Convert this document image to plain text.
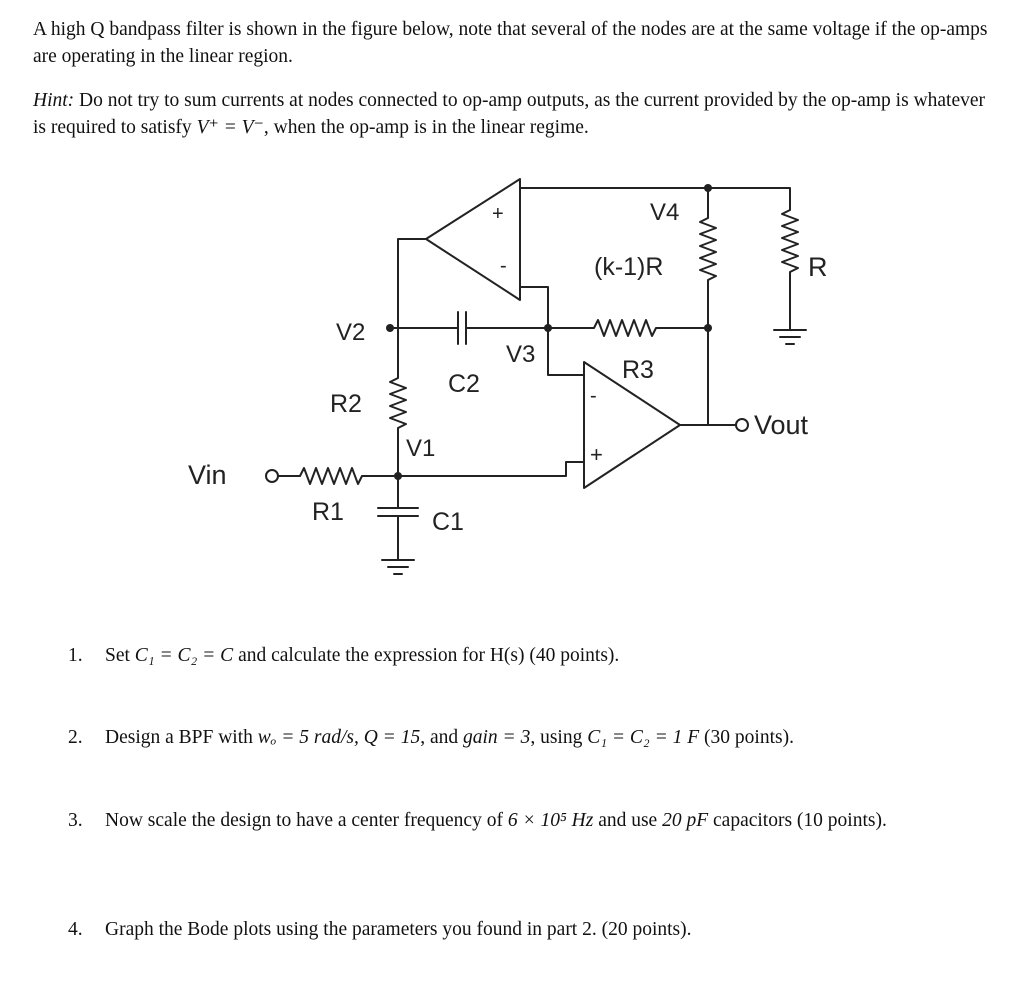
A high Q bandpass filter is shown in the figure below, note that several of the nodes are at the same voltage if the op-amps are operating in the linear region.

Hint: Do not try to sum currents at nodes connected to op-amp outputs, as the current provided by the op-amp is whatever is required to satisfy V⁺ = V⁻, when the op-amp is in the linear regime.

V4
(k-1)R	R
V2
V3
R3
R2
C2
Vout
V1
Vin
R1	C1
+
-
-
+
1. Set C₁ = C₂ = C and calculate the expression for H(s) (40 points).
2. Design a BPF with wₒ = 5 rad/s, Q = 15, and gain = 3, using C₁ = C₂ = 1 F (30 points).
3. Now scale the design to have a center frequency of 6 × 10⁵ Hz and use 20 pF capacitors (10 points).
4. Graph the Bode plots using the parameters you found in part 2. (20 points).
